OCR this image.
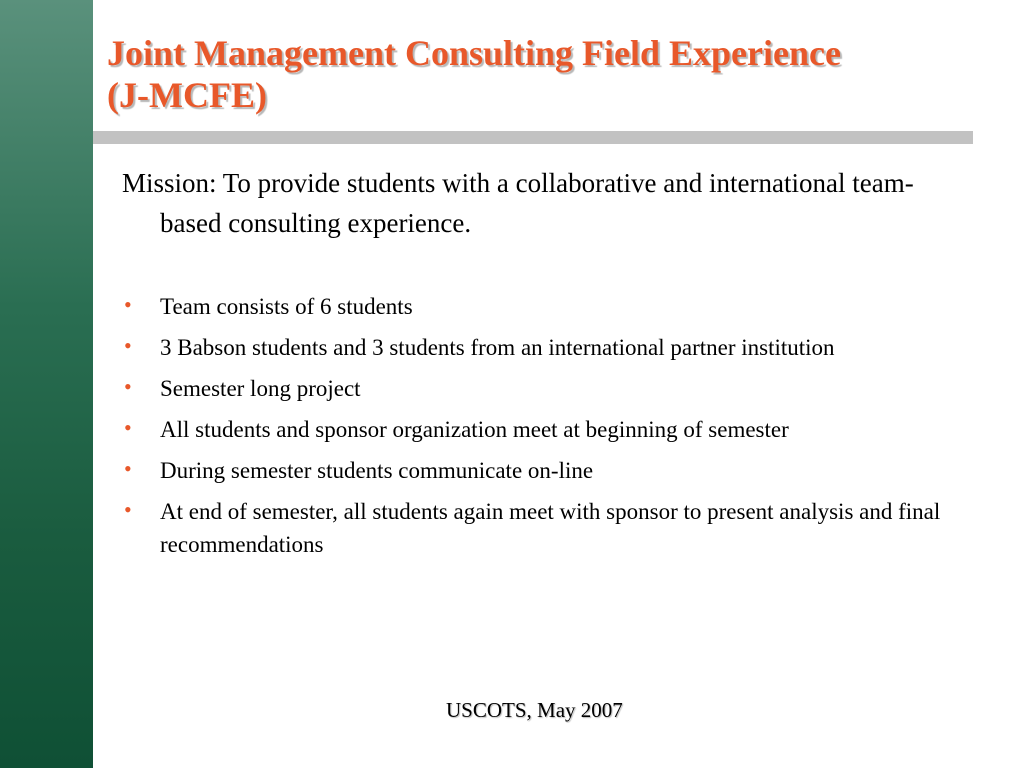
Joint Management Consulting Field Experience
(J-MCFE)

Mission: To provide students with a collaborative and international team-based consulting experience.

• Team consists of 6 students
• 3 Babson students and 3 students from an international partner institution
• Semester long project
• All students and sponsor organization meet at beginning of semester
• During semester students communicate on-line
• At end of semester, all students again meet with sponsor to present analysis and final recommendations

USCOTS, May 2007
